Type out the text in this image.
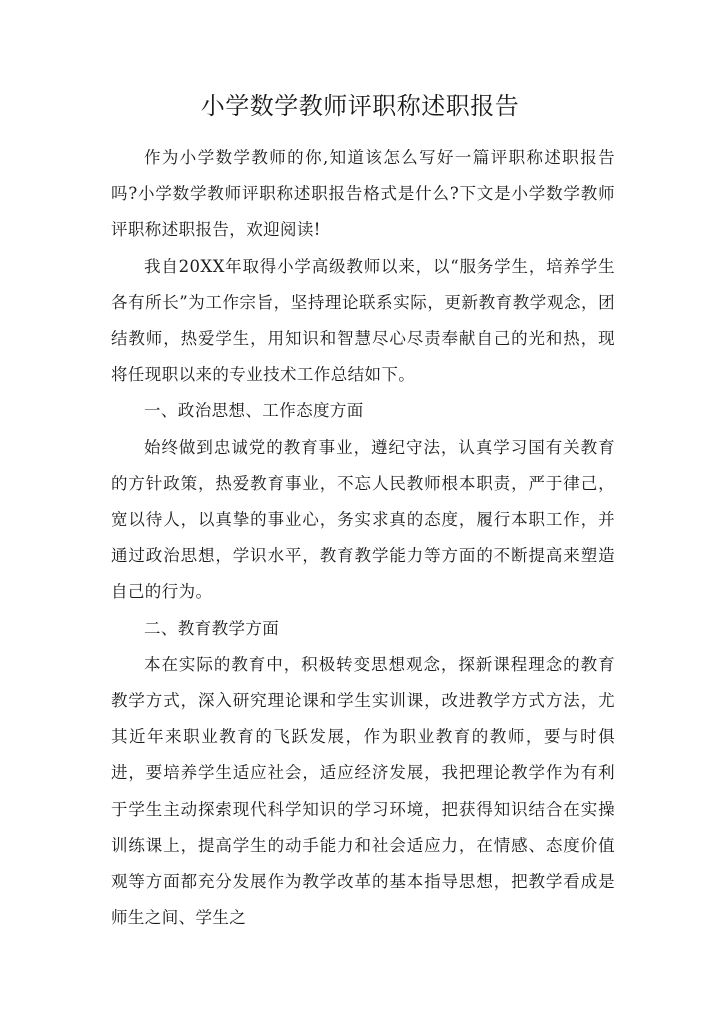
小学数学教师评职称述职报告

作为小学数学教师的你,知道该怎么写好一篇评职称述职报告吗?小学数学教师评职称述职报告格式是什么?下文是小学数学教师评职称述职报告，欢迎阅读!

我自20XX年取得小学高级教师以来，以“服务学生，培养学生各有所长”为工作宗旨，坚持理论联系实际，更新教育教学观念，团结教师，热爱学生，用知识和智慧尽心尽责奉献自己的光和热，现将任现职以来的专业技术工作总结如下。

一、政治思想、工作态度方面

始终做到忠诚党的教育事业，遵纪守法，认真学习国有关教育的方针政策，热爱教育事业，不忘人民教师根本职责，严于律己，宽以待人，以真挚的事业心，务实求真的态度，履行本职工作，并通过政治思想，学识水平，教育教学能力等方面的不断提高来塑造自己的行为。

二、教育教学方面

本在实际的教育中，积极转变思想观念，探新课程理念的教育教学方式，深入研究理论课和学生实训课，改进教学方式方法，尤其近年来职业教育的飞跃发展，作为职业教育的教师，要与时俱进，要培养学生适应社会，适应经济发展，我把理论教学作为有利于学生主动探索现代科学知识的学习环境，把获得知识结合在实操训练课上，提高学生的动手能力和社会适应力，在情感、态度价值观等方面都充分发展作为教学改革的基本指导思想，把教学看成是师生之间、学生之
